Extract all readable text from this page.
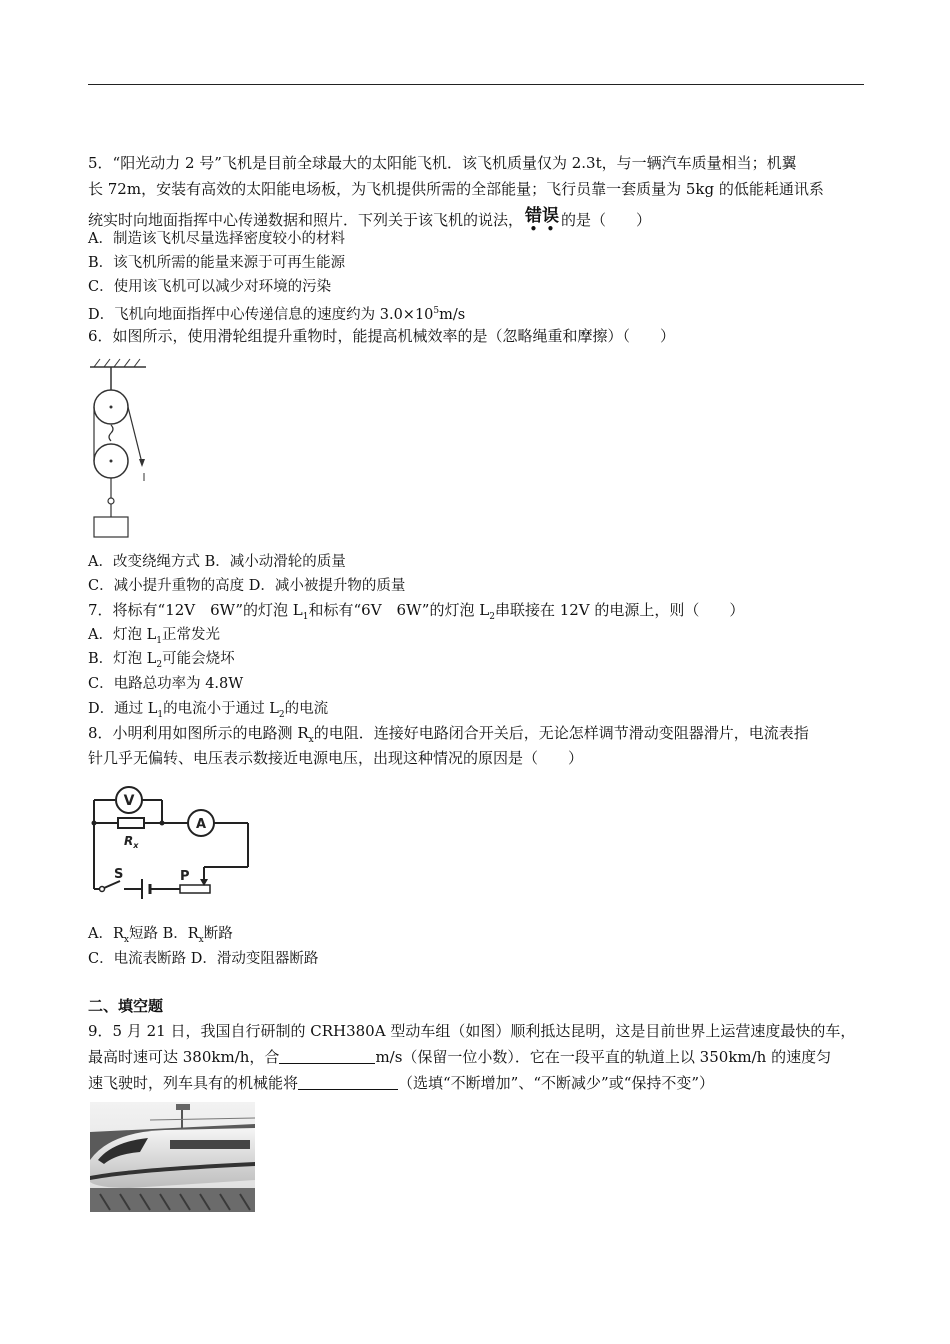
5．“阳光动力 2 号”飞机是目前全球最大的太阳能飞机．该飞机质量仅为 2.3t，与一辆汽车质量相当；机翼
长 72m，安装有高效的太阳能电场板，为飞机提供所需的全部能量；飞行员靠一套质量为 5kg 的低能耗通讯系
统实时向地面指挥中心传递数据和照片．下列关于该飞机的说法， 错误
• • 的是（　　）
A．制造该飞机尽量选择密度较小的材料
B．该飞机所需的能量来源于可再生能源
C．使用该飞机可以减少对环境的污染
D．飞机向地面指挥中心传递信息的速度约为 $3.0\times 10^5m/s$
6．如图所示，使用滑轮组提升重物时，能提高机械效率的是（忽略绳重和摩擦）（　　）
A．改变绕绳方式 B．减小动滑轮的质量
C．减小提升重物的高度 D．减小被提升物的质量
7．将标有“12V　6W”的灯泡 $L_1$和标有“6V　6W”的灯泡 $L_2$串联接在 12V 的电源上，则（　　）
A．灯泡 $L_1$正常发光
B．灯泡 $L_2$可能会烧坏
C．电路总功率为 4.8W
D．通过 $L_1$的电流小于通过 $L_2$的电流
8．小明利用如图所示的电路测 $R_x$的电阻．连接好电路闭合开关后，无论怎样调节滑动变阻器滑片，电流表指
针几乎无偏转、电压表示数接近电源电压，出现这种情况的原因是（　　）
V
$R_x$
A
P
S
A．$R_x$短路 B．$R_x$断路
C．电流表断路 D．滑动变阻器断路
二、填空题
9．5 月 21 日，我国自行研制的 CRH380A 型动车组（如图）顺利抵达昆明，这是目前世界上运营速度最快的车，
最高时速可达 380km/h，合	m/s（保留一位小数）．它在一段平直的轨道上以 350km/h 的速度匀
速飞驶时，列车具有的机械能将	（选填“不断增加”、“不断减少”或“保持不变”）
